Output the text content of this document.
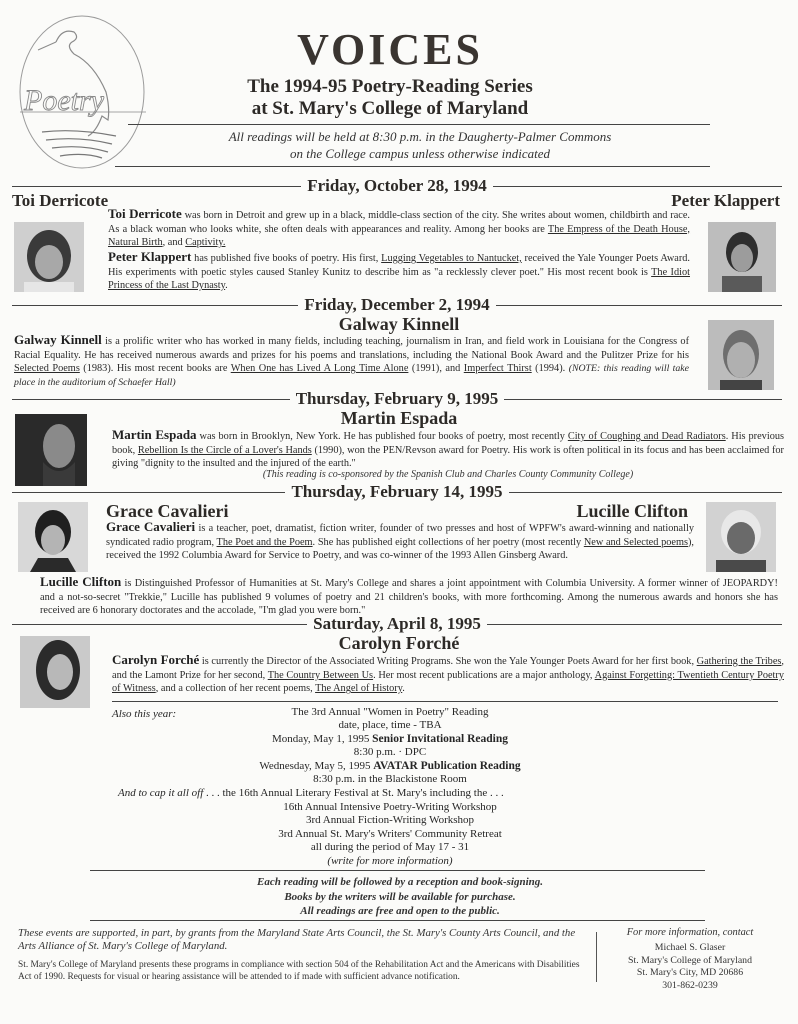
Poetry
VOICES
The 1994-95 Poetry-Reading Series
at St. Mary's College of Maryland
All readings will be held at 8:30 p.m. in the Daugherty-Palmer Commons
on the College campus unless otherwise indicated
Friday, October 28, 1994
Toi Derricote	Peter Klappert
Toi Derricote was born in Detroit and grew up in a black, middle-class section of the city. She writes about women, childbirth and race. As a black woman who looks white, she often deals with appearances and reality. Among her books are The Empress of the Death House, Natural Birth, and Captivity.
Peter Klappert has published five books of poetry. His first, Lugging Vegetables to Nantucket, received the Yale Younger Poets Award. His experiments with poetic styles caused Stanley Kunitz to describe him as "a recklessly clever poet." His most recent book is The Idiot Princess of the Last Dynasty.
Friday, December 2, 1994
Galway Kinnell
Galway Kinnell is a prolific writer who has worked in many fields, including teaching, journalism in Iran, and field work in Louisiana for the Congress of Racial Equality. He has received numerous awards and prizes for his poems and translations, including the National Book Award and the Pulitzer Prize for his Selected Poems (1983). His most recent books are When One has Lived A Long Time Alone (1991), and Imperfect Thirst (1994). (NOTE: this reading will take place in the auditorium of Schaefer Hall)
Thursday, February 9, 1995
Martin Espada
Martin Espada was born in Brooklyn, New York. He has published four books of poetry, most recently City of Coughing and Dead Radiators. His previous book, Rebellion Is the Circle of a Lover's Hands (1990), won the PEN/Revson award for Poetry. His work is often political in its focus and has been acclaimed for giving "dignity to the insulted and the injured of the earth."
(This reading is co-sponsored by the Spanish Club and Charles County Community College)
Thursday, February 14, 1995
Grace Cavalieri	Lucille Clifton
Grace Cavalieri is a teacher, poet, dramatist, fiction writer, founder of two presses and host of WPFW's award-winning and nationally syndicated radio program, The Poet and the Poem. She has published eight collections of her poetry (most recently New and Selected poems), received the 1992 Columbia Award for Service to Poetry, and was co-winner of the 1993 Allen Ginsberg Award.
Lucille Clifton is Distinguished Professor of Humanities at St. Mary's College and shares a joint appointment with Columbia University. A former winner of JEOPARDY! and a not-so-secret "Trekkie," Lucille has published 9 volumes of poetry and 21 children's books, with more forthcoming. Among the numerous awards and honors she has received are 6 honorary doctorates and the accolade, "I'm glad you were born."
Saturday, April 8, 1995
Carolyn Forché
Carolyn Forché is currently the Director of the Associated Writing Programs. She won the Yale Younger Poets Award for her first book, Gathering the Tribes, and the Lamont Prize for her second, The Country Between Us. Her most recent publications are a major anthology, Against Forgetting: Twentieth Century Poetry of Witness, and a collection of her recent poems, The Angel of History.
Also this year:	The 3rd Annual "Women in Poetry" Reading
date, place, time - TBA
Monday, May 1, 1995 Senior Invitational Reading
8:30 p.m. · DPC
Wednesday, May 5, 1995 AVATAR Publication Reading
8:30 p.m. in the Blackistone Room
And to cap it all off . . . the 16th Annual Literary Festival at St. Mary's including the . . .
16th Annual Intensive Poetry-Writing Workshop
3rd Annual Fiction-Writing Workshop
3rd Annual St. Mary's Writers' Community Retreat
all during the period of May 17 - 31
(write for more information)
Each reading will be followed by a reception and book-signing.
Books by the writers will be available for purchase.
All readings are free and open to the public.
These events are supported, in part, by grants from the Maryland State Arts Council, the St. Mary's County Arts Council, and the Arts Alliance of St. Mary's College of Maryland.
St. Mary's College of Maryland presents these programs in compliance with section 504 of the Rehabilitation Act and the Americans with Disabilities Act of 1990. Requests for visual or hearing assistance will be attended to if made with sufficient advance notification.
For more information, contact
Michael S. Glaser
St. Mary's College of Maryland
St. Mary's City, MD 20686
301-862-0239
